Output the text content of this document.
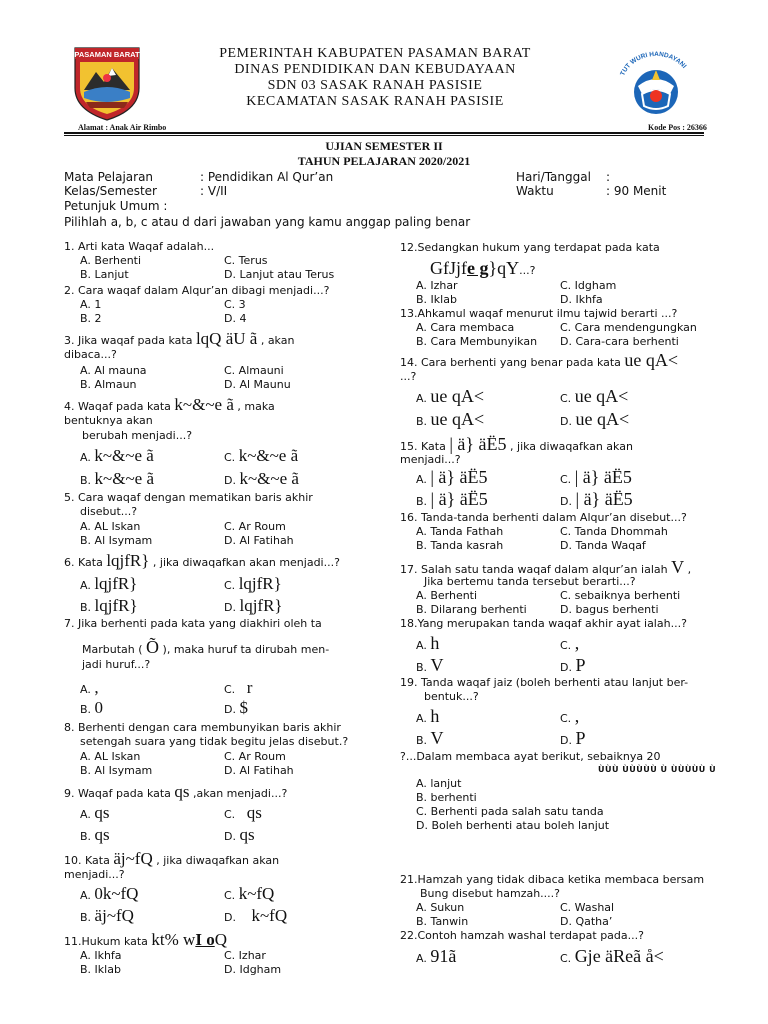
PASAMAN BARAT	PEMERINTAH KABUPATEN PASAMAN BARAT
DINAS PENDIDIKAN DAN KEBUDAYAAN
SDN 03 SASAK RANAH PASISIE
KECAMATAN SASAK RANAH PASISIE
TUT WURI HANDAYANI
Alamat : Anak Air Rimbo	Kode Pos : 26366
UJIAN SEMESTER II
TAHUN PELAJARAN 2020/2021
Mata Pelajaran	: Pendidikan Al Qur’an	Hari/Tanggal :
Kelas/Semester	: V/II	Waktu	: 90 Menit
Petunjuk Umum :
Pilihlah a, b, c atau d dari jawaban yang kamu anggap paling benar
1. Arti kata Waqaf adalah...
A. Berhenti	C. Terus
B. Lanjut	D. Lanjut atau Terus
2. Cara waqaf dalam Alqur’an dibagi menjadi...?
A. 1	C. 3
B. 2	D. 4
3. Jika waqaf pada kata lqQ äU ã , akan
dibaca...?
A. Al mauna	C. Almauni
B. Almaun	D. Al Maunu
4. Waqaf pada kata k~&~e ã , maka
bentuknya akan
berubah menjadi...?
A. k~&~e ã	C. k~&~e ã
B. k~&~e ã	D. k~&~e ã
5. Cara waqaf dengan mematikan baris akhir
disebut...?
A. AL Iskan	C. Ar Roum
B. Al Isymam	D. Al Fatihah
6. Kata lqjfR} , jika diwaqafkan akan menjadi...?
A. lqjfR}	C. lqjfR}
B. lqjfR}	D. lqjfR}
7. Jika berhenti pada kata yang diakhiri oleh ta
Marbutah ( Õ ), maka huruf ta dirubah men-
jadi huruf...?
A. ,	C. r
B. 0	D. $
8. Berhenti dengan cara membunyikan baris akhir
setengah suara yang tidak begitu jelas disebut.?
A. AL Iskan	C. Ar Roum
B. Al Isymam	D. Al Fatihah
9. Waqaf pada kata qs ,akan menjadi...?
A. qs	C. qs
B. qs	D. qs
10. Kata äj~fQ , jika diwaqafkan akan
menjadi...?
A. 0k~fQ	C. k~fQ
B. äj~fQ	D. k~fQ
11.Hukum kata kt% wI oQ
A. Ikhfa	C. Izhar
B. Iklab	D. Idgham
12.Sedangkan hukum yang terdapat pada kata
GfJjfe g}qY...?
A. Izhar	C. Idgham
B. Iklab	D. Ikhfa
13.Ahkamul waqaf menurut ilmu tajwid berarti ...?
A. Cara membaca	C. Cara mendengungkan
B. Cara Membunyikan D. Cara-cara berhenti
14. Cara berhenti yang benar pada kata ue qA<
...?
A. ue qA<	C. ue qA<
B. ue qA<	D. ue qA<
15. Kata | ä} äË5 , jika diwaqafkan akan
menjadi...?
A. | ä} äË5	C. | ä} äË5
B. | ä} äË5	D. | ä} äË5
16. Tanda-tanda berhenti dalam Alqur’an disebut...?
A. Tanda Fathah	C. Tanda Dhommah
B. Tanda kasrah	D. Tanda Waqaf
17. Salah satu tanda waqaf dalam alqur’an ialah V ,
Jika bertemu tanda tersebut berarti...?
A. Berhenti	C. sebaiknya berhenti
B. Dilarang berhenti	D. bagus berhenti
18.Yang merupakan tanda waqaf akhir ayat ialah...?
A. h	C. ,
B. V	D. P
19. Tanda waqaf jaiz (boleh berhenti atau lanjut ber-
bentuk...?
A. h	C. ,
B. V	D. P
?...Dalam membaca ayat berikut, sebaiknya 20
ÙÙÙ ÙÙÙÙÙ Ù ÙÙÙÙÙ Ù
A. lanjut
B. berhenti
C. Berhenti pada salah satu tanda
D. Boleh berhenti atau boleh lanjut
21.Hamzah yang tidak dibaca ketika membaca bersam
Bung disebut hamzah....?
A. Sukun	C. Washal
B. Tanwin	D. Qatha’
22.Contoh hamzah washal terdapat pada...?
A. 91ã	C. Gje äReã å<
